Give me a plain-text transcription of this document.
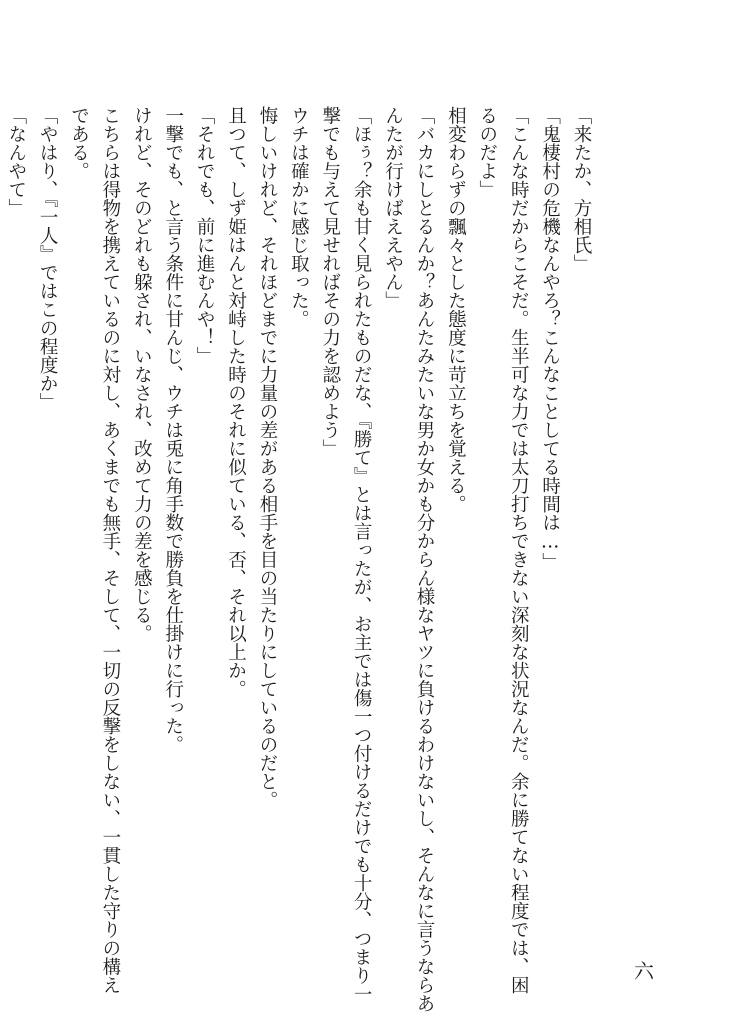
「来たか、方相氏」
「鬼棲村の危機なんやろ？こんなことしてる時間は…」
「こんな時だからこそだ。生半可な力では太刀打ちできない深刻な状況なんだ。余に勝てない程度では、困
るのだよ」
相変わらずの飄々とした態度に苛立ちを覚える。
「バカにしとるんか？あんたみたいな男か女かも分からん様なヤツに負けるわけないし、そんなに言うならあ
んたが行けばええやん」
「ほぅ？余も甘く見られたものだな、『勝て』とは言ったが、お主では傷一つ付けるだけでも十分、つまり一
撃でも与えて見せればその力を認めよう」
ウチは確かに感じ取った。
悔しいけれど、それほどまでに力量の差がある相手を目の当たりにしているのだと。
且つて、しず姫はんと対峙した時のそれに似ている、否、それ以上か。
「それでも、前に進むんや！」
一撃でも、と言う条件に甘んじ、ウチは兎に角手数で勝負を仕掛けに行った。
けれど、そのどれも躱され、いなされ、改めて力の差を感じる。
こちらは得物を携えているのに対し、あくまでも無手、そして、一切の反撃をしない、一貫した守りの構え
である。
「やはり、『一人』ではこの程度か」
「なんやて」
六
